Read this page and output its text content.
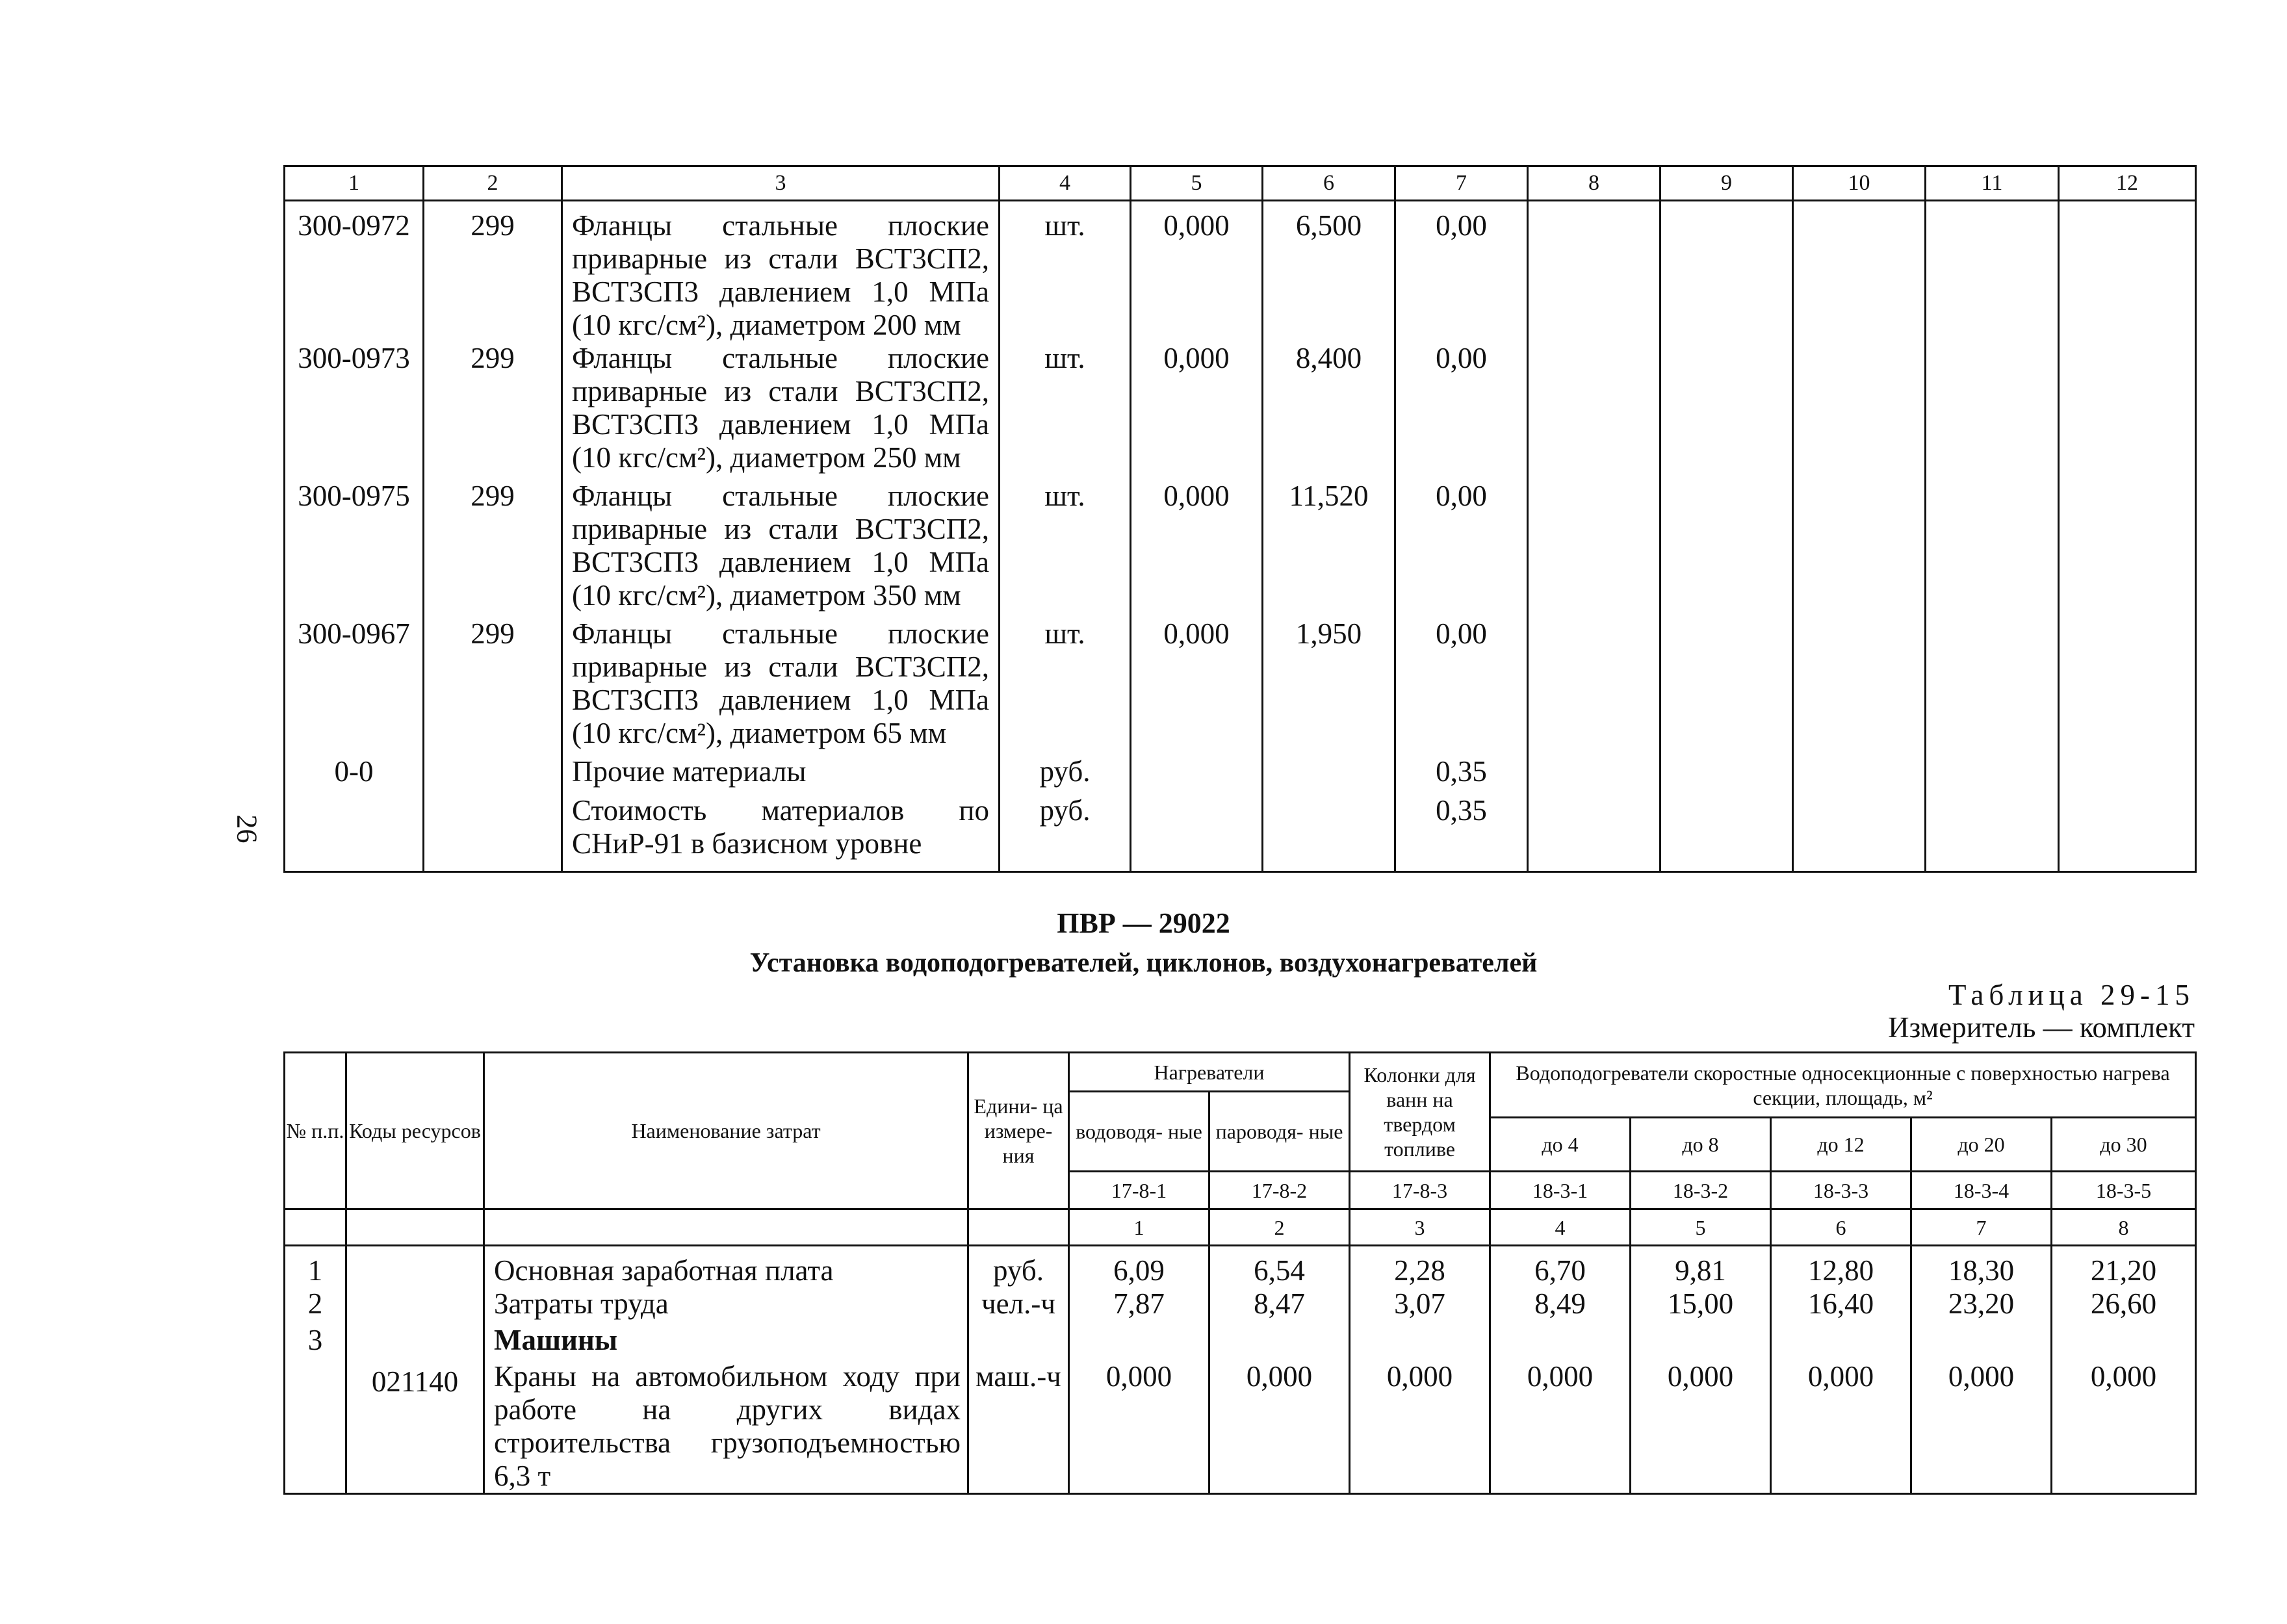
26
1	2	3	4	5	6	7	8	9	10	11	12
300-0972	299	Фланцы стальные плоские приварные из стали ВСТ3СП2, ВСТ3СП3 давлением 1,0 МПа (10 кгс/см²), диаметром 200 мм	шт.	0,000	6,500	0,00					
300-0973	299	Фланцы стальные плоские приварные из стали ВСТ3СП2, ВСТ3СП3 давлением 1,0 МПа (10 кгс/см²), диаметром 250 мм	шт.	0,000	8,400	0,00					
300-0975	299	Фланцы стальные плоские приварные из стали ВСТ3СП2, ВСТ3СП3 давлением 1,0 МПа (10 кгс/см²), диаметром 350 мм	шт.	0,000	11,520	0,00					
300-0967	299	Фланцы стальные плоские приварные из стали ВСТ3СП2, ВСТ3СП3 давлением 1,0 МПа (10 кгс/см²), диаметром 65 мм	шт.	0,000	1,950	0,00					
0-0		Прочие материалы	руб.			0,35					
		Стоимость материалов по СНиР-91 в базисном уровне	руб.			0,35					
ПВР — 29022
Установка водоподогревателей, циклонов, воздухонагревателей
Таблица 29-15
Измеритель — комплект
№ п.п.	Коды ресурсов	Наименование затрат	Едини- ца измере- ния	Нагреватели		Колонки для ванн на твердом топливе	Водоподогреватели скоростные односекционные с поверхностью нагрева секции, площадь, м²				
				водоводя- ные	пароводя- ные						
							до 4	до 8	до 12	до 20	до 30
				17-8-1	17-8-2	17-8-3	18-3-1	18-3-2	18-3-3	18-3-4	18-3-5
				1	2	3	4	5	6	7	8
1		Основная заработная плата	руб.	6,09	6,54	2,28	6,70	9,81	12,80	18,30	21,20
2		Затраты труда	чел.-ч	7,87	8,47	3,07	8,49	15,00	16,40	23,20	26,60
3		Машины									
	021140	Краны на автомобильном ходу при работе на других видах строительства грузоподъемностью 6,3 т	маш.-ч	0,000	0,000	0,000	0,000	0,000	0,000	0,000	0,000
